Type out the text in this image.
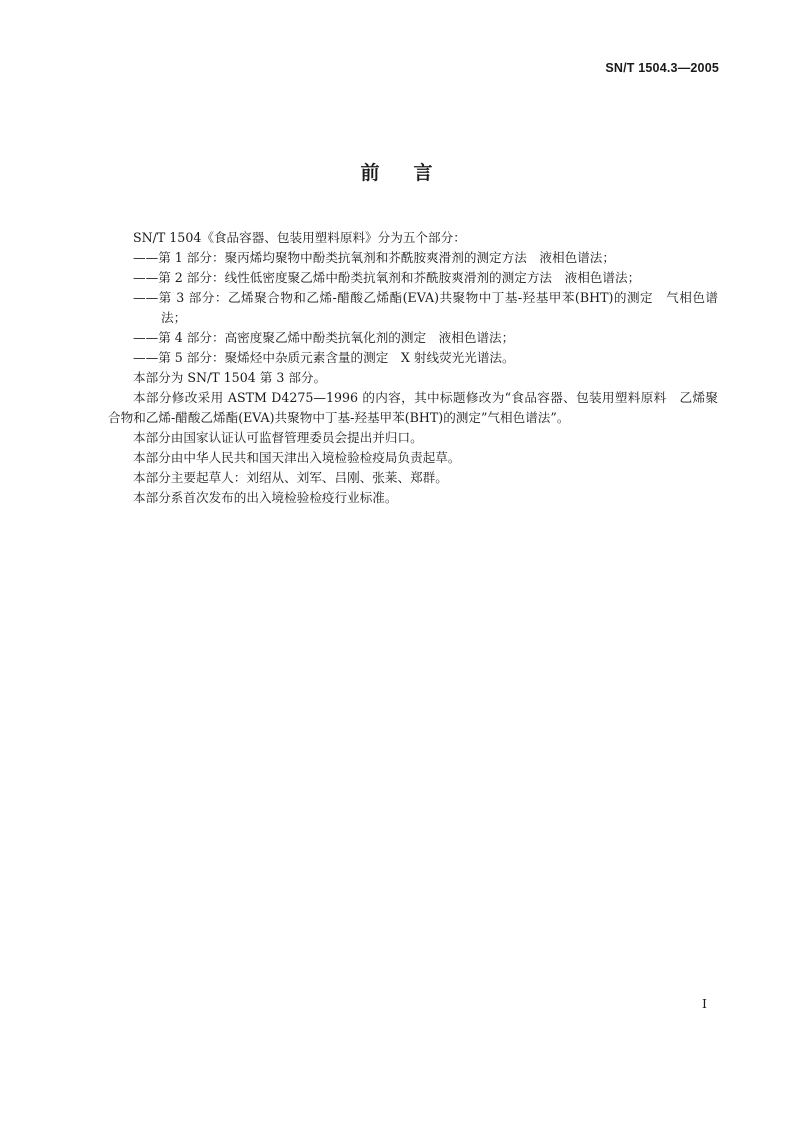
SN/T 1504.3—2005
前言

SN/T 1504《食品容器、包装用塑料原料》分为五个部分：

——第 1 部分：聚丙烯均聚物中酚类抗氧剂和芥酰胺爽滑剂的测定方法　液相色谱法；

——第 2 部分：线性低密度聚乙烯中酚类抗氧剂和芥酰胺爽滑剂的测定方法　液相色谱法；

——第 3 部分：乙烯聚合物和乙烯-醋酸乙烯酯(EVA)共聚物中丁基-羟基甲苯(BHT)的测定　气相色谱法；

——第 4 部分：高密度聚乙烯中酚类抗氧化剂的测定　液相色谱法；

——第 5 部分：聚烯烃中杂质元素含量的测定　X 射线荧光光谱法。

本部分为 SN/T 1504 第 3 部分。

本部分修改采用 ASTM D4275—1996 的内容，其中标题修改为“食品容器、包装用塑料原料　乙烯聚合物和乙烯-醋酸乙烯酯(EVA)共聚物中丁基-羟基甲苯(BHT)的测定”气相色谱法”。

本部分由国家认证认可监督管理委员会提出并归口。

本部分由中华人民共和国天津出入境检验检疫局负责起草。

本部分主要起草人：刘绍从、刘军、吕刚、张莱、郑群。

本部分系首次发布的出入境检验检疫行业标准。

I
